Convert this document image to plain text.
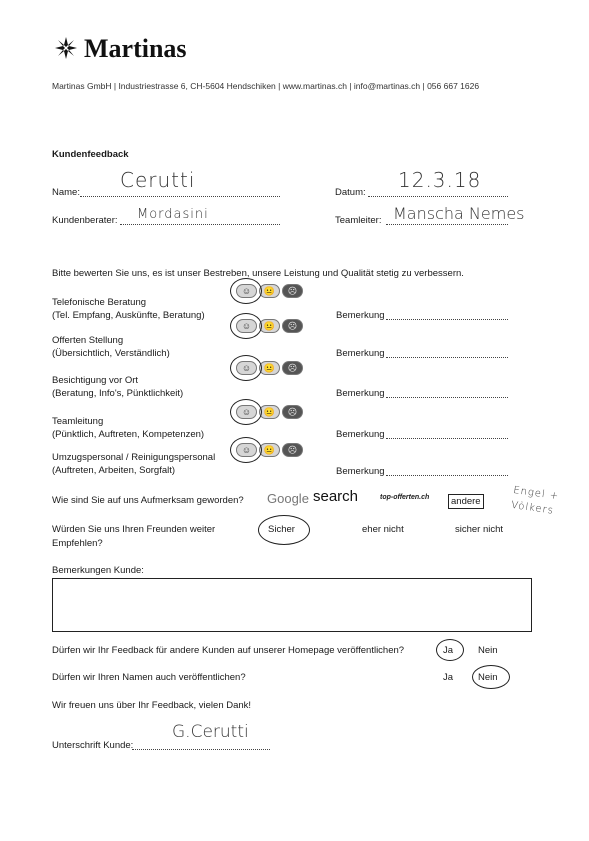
Martinas
Martinas GmbH | Industriestrasse 6, CH-5604 Hendschiken | www.martinas.ch | info@martinas.ch | 056 667 1626
Kundenfeedback
Name:
Cerutti
Datum:
12.3.18
Kundenberater: Mordasini	Teamleiter: Manscha Nemes
Bitte bewerten Sie uns, es ist unser Bestreben, unsere Leistung und Qualität stetig zu verbessern.
Telefonische Beratung
(Tel. Empfang, Auskünfte, Beratung)
☺	😐	☹
Bemerkung
Offerten Stellung
(Übersichtlich, Verständlich)
☺	😐	☹
Bemerkung
Besichtigung vor Ort
(Beratung, Info's, Pünktlichkeit)
☺	😐	☹
Bemerkung
Teamleitung
(Pünktlich, Auftreten, Kompetenzen)
☺	😐	☹
Bemerkung
Umzugspersonal / Reinigungspersonal
(Auftreten, Arbeiten, Sorgfalt)
☺	😐	☹
Bemerkung
Wie sind Sie auf uns Aufmerksam geworden? Google search	top-offerten.ch	andere	Engel + Völkers
Würden Sie uns Ihren Freunden weiter
Empfehlen?
Sicher	eher nicht	sicher nicht
Bemerkungen Kunde:
Dürfen wir Ihr Feedback für andere Kunden auf unserer Homepage veröffentlichen?	Ja	Nein
Dürfen wir Ihren Namen auch veröffentlichen?	Ja	Nein
Wir freuen uns über Ihr Feedback, vielen Dank!
Unterschrift Kunde:
G.Cerutti
